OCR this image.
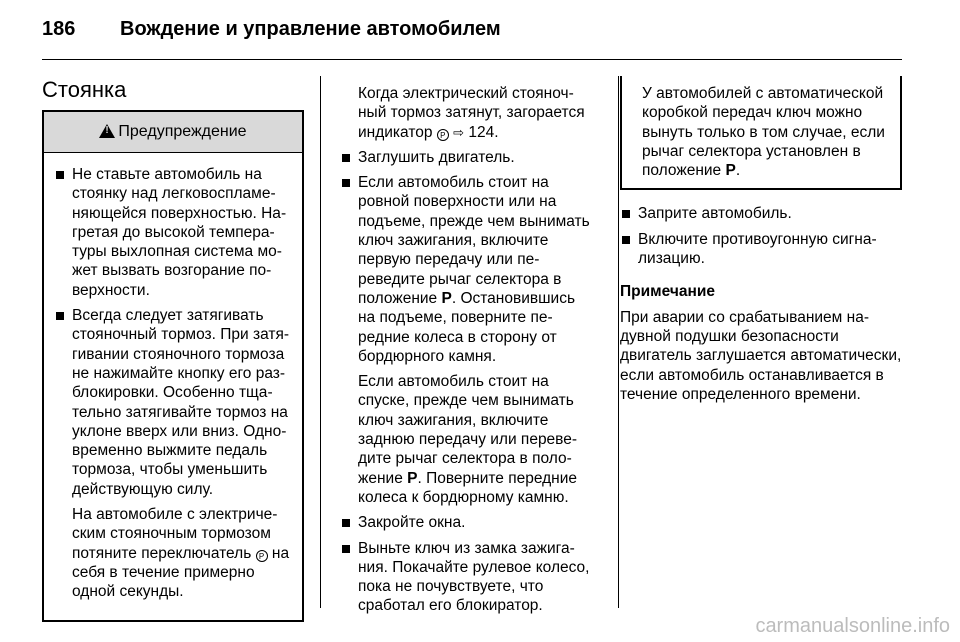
186 Вождение и управление автомобилем
Стоянка
!
Предупреждение
Не ставьте автомобиль на стоянку над легковоспламеняющейся поверхностью. Нагретая до высокой температуры выхлопная система может вызвать возгорание поверхности.
Всегда следует затягивать стояночный тормоз. При затягивании стояночного тормоза не нажимайте кнопку его разблокировки. Особенно тщательно затягивайте тормоз на уклоне вверх или вниз. Одновременно выжмите педаль тормоза, чтобы уменьшить действующую силу.
На автомобиле с электрическим стояночным тормозом потяните переключатель P на себя в течение примерно одной секунды.
Когда электрический стояночный тормоз затянут, загорается индикатор P ⇨ 124.
Заглушить двигатель.
Если автомобиль стоит на ровной поверхности или на подъеме, прежде чем вынимать ключ зажигания, включите первую передачу или переведите рычаг селектора в положение P. Остановившись на подъеме, поверните передние колеса в сторону от бордюрного камня.
Если автомобиль стоит на спуске, прежде чем вынимать ключ зажигания, включите заднюю передачу или переведите рычаг селектора в положение P. Поверните передние колеса к бордюрному камню.
Закройте окна.
Выньте ключ из замка зажигания. Покачайте рулевое колесо, пока не почувствуете, что сработал его блокиратор.
У автомобилей с автоматической коробкой передач ключ можно вынуть только в том случае, если рычаг селектора установлен в положение P.
Заприте автомобиль.
Включите противоугонную сигнализацию.
Примечание
При аварии со срабатыванием надувной подушки безопасности двигатель заглушается автоматически, если автомобиль останавливается в течение определенного времени.
carmanualsonline.info
